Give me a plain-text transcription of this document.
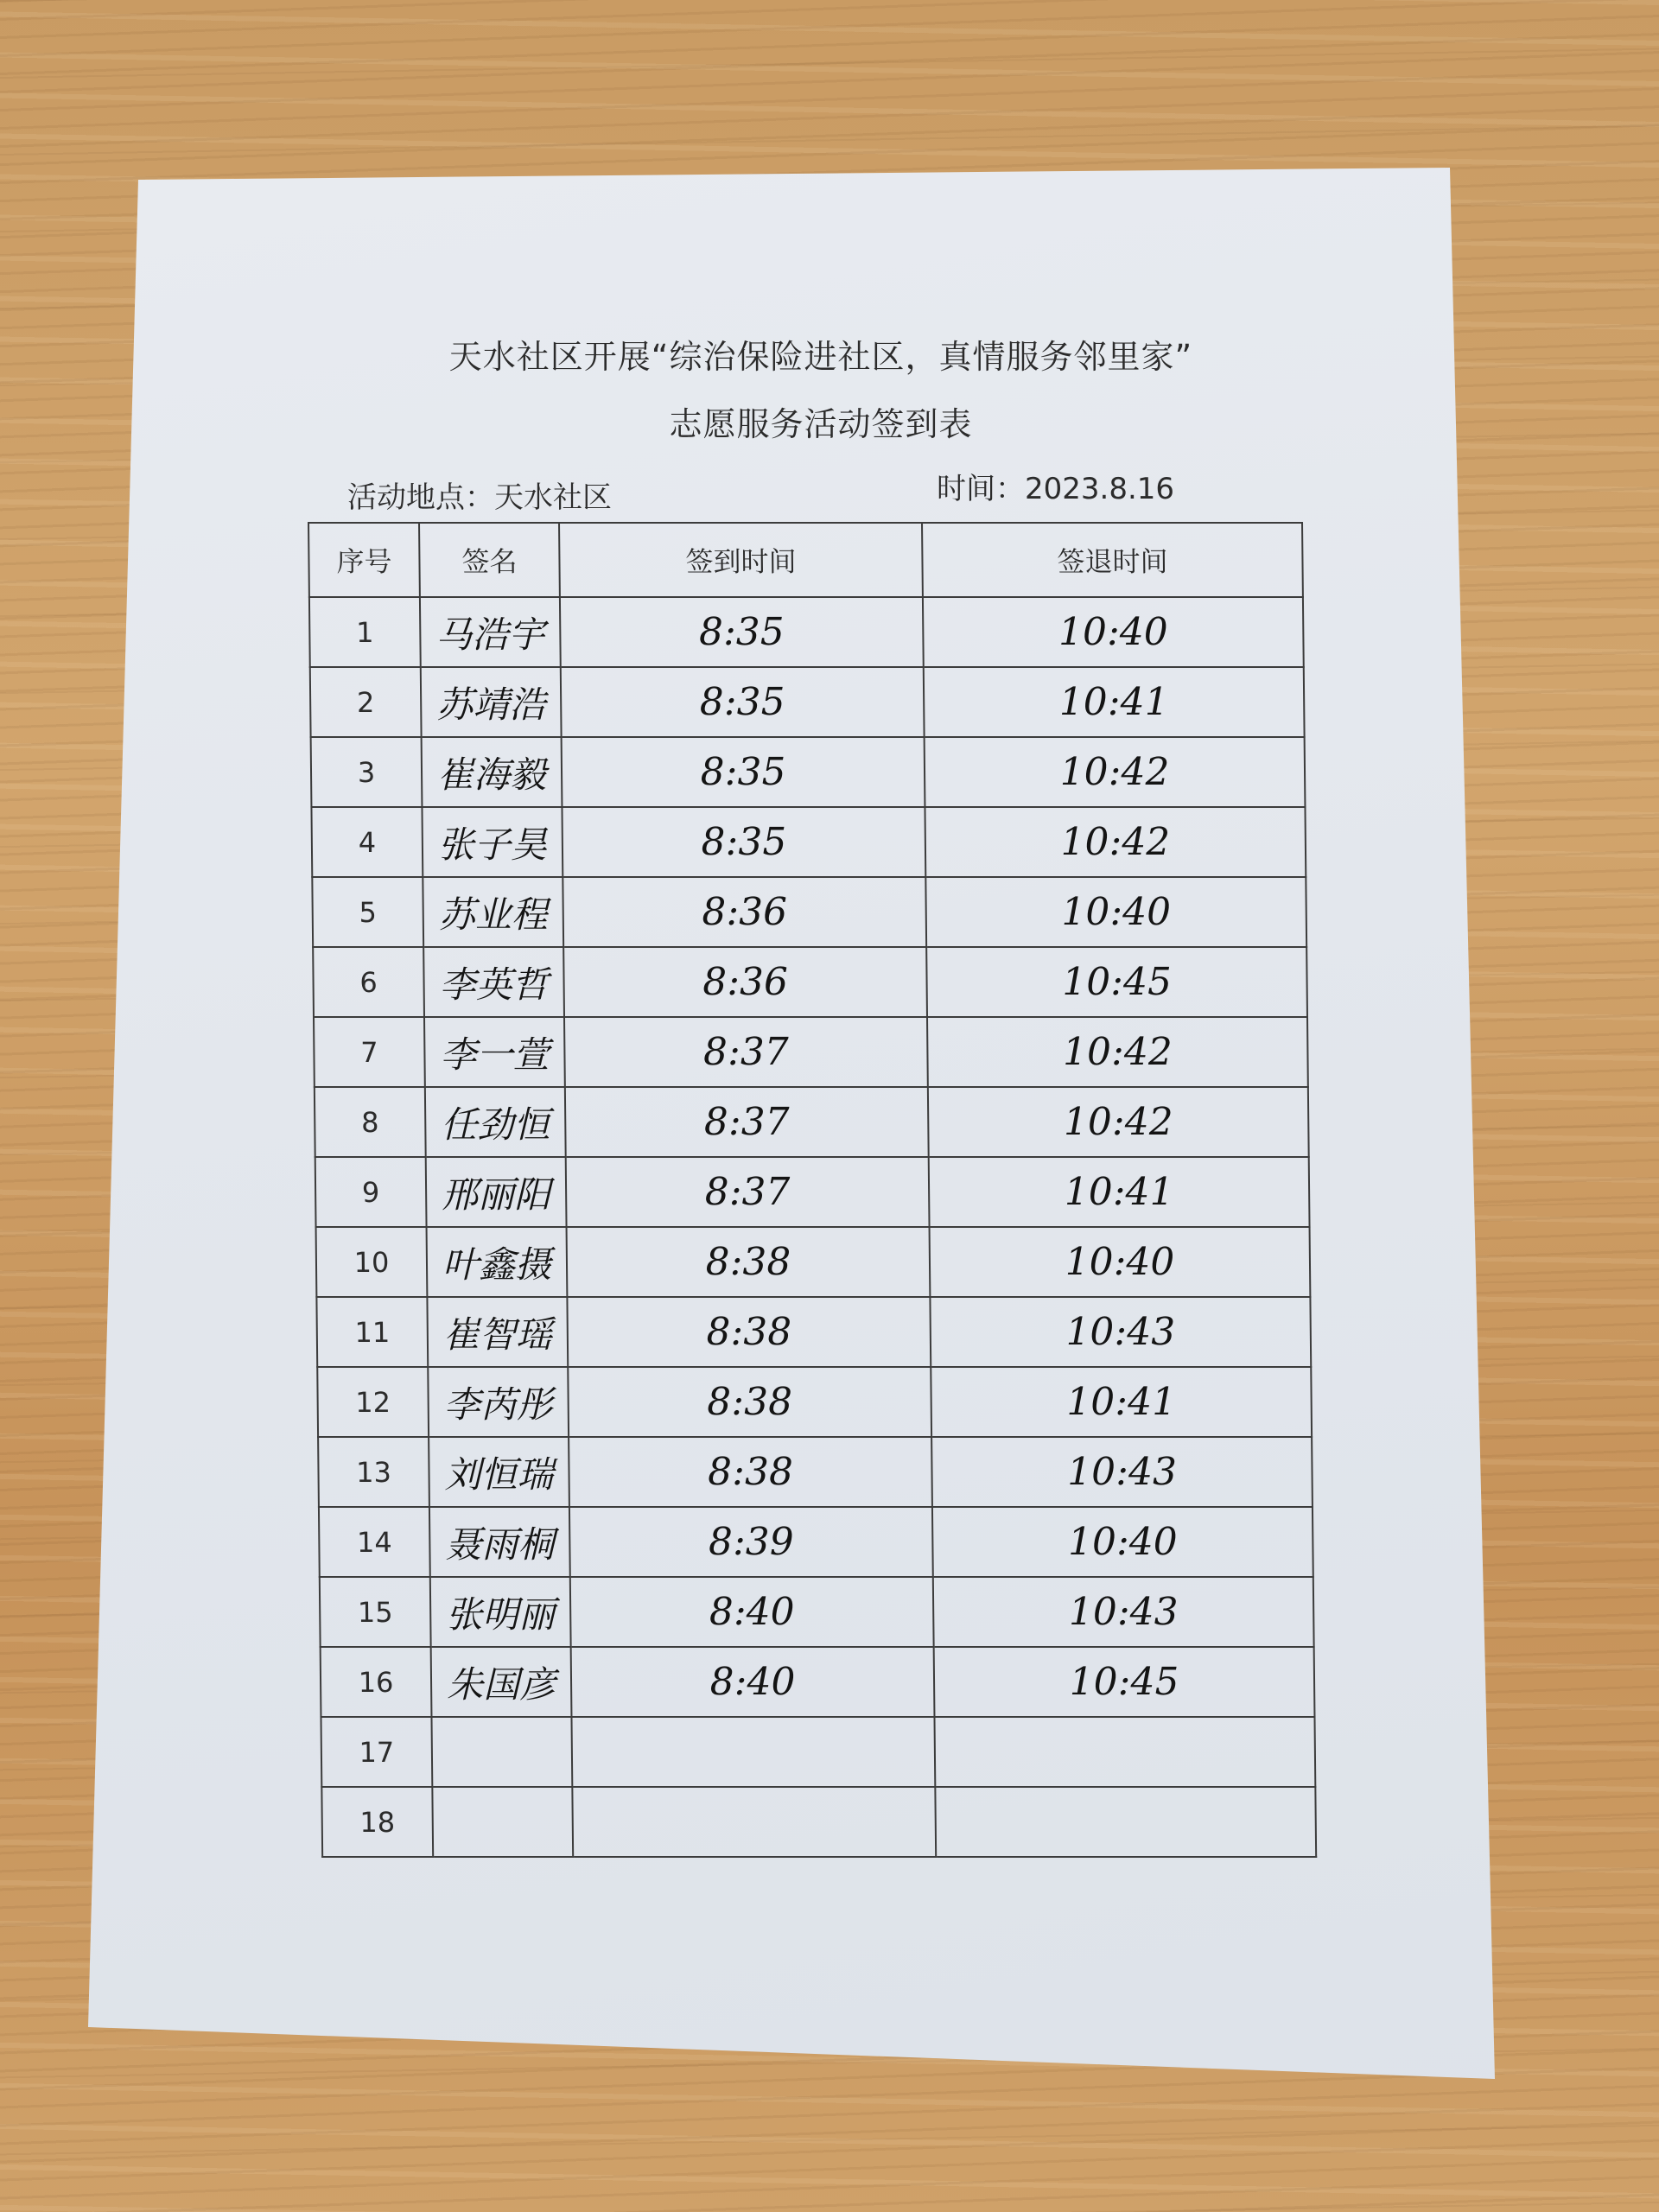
天水社区开展“综治保险进社区，真情服务邻里家”
志愿服务活动签到表
活动地点：天水社区	时间：2023.8.16
序号	签名	签到时间	签退时间
1	马浩宇	8:35	10:40
2	苏靖浩	8:35	10:41
3	崔海毅	8:35	10:42
4	张子昊	8:35	10:42
5	苏业程	8:36	10:40
6	李英哲	8:36	10:45
7	李一萱	8:37	10:42
8	任劲恒	8:37	10:42
9	邢丽阳	8:37	10:41
10	叶鑫摄	8:38	10:40
11	崔智瑶	8:38	10:43
12	李芮彤	8:38	10:41
13	刘恒瑞	8:38	10:43
14	聂雨桐	8:39	10:40
15	张明丽	8:40	10:43
16	朱国彦	8:40	10:45
17			
18			
